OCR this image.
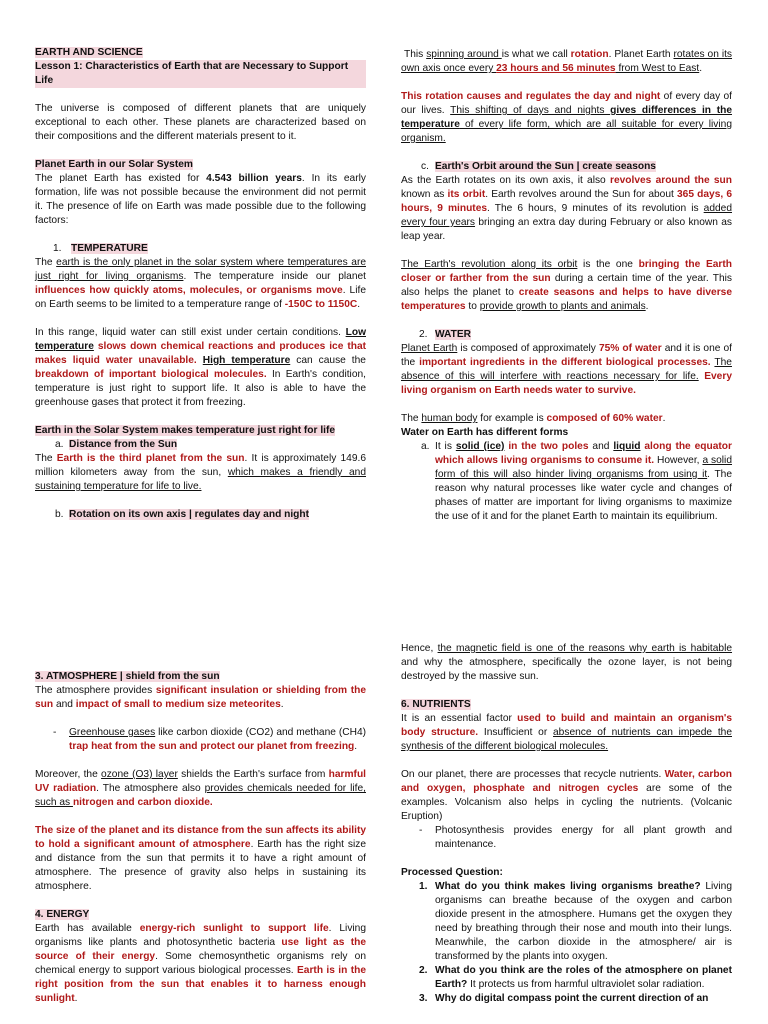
EARTH AND SCIENCE

Lesson 1: Characteristics of Earth that are Necessary to Support Life

The universe is composed of different planets that are uniquely exceptional to each other. These planets are characterized based on their compositions and the different materials present to it.

Planet Earth in our Solar System

The planet Earth has existed for 4.543 billion years. In its early formation, life was not possible because the environment did not permit it. The presence of life on Earth was made possible due to the following factors:

1. TEMPERATURE

The earth is the only planet in the solar system where temperatures are just right for living organisms. The temperature inside our planet influences how quickly atoms, molecules, or organisms move. Life on Earth seems to be limited to a temperature range of -150C to 1150C.

In this range, liquid water can still exist under certain conditions. Low temperature slows down chemical reactions and produces ice that makes liquid water unavailable. High temperature can cause the breakdown of important biological molecules. In Earth's condition, temperature is just right to support life. It also is able to have the greenhouse gases that protect it from freezing.

Earth in the Solar System makes temperature just right for life

a. Distance from the Sun

The Earth is the third planet from the sun. It is approximately 149.6 million kilometers away from the sun, which makes a friendly and sustaining temperature for life to live.

b. Rotation on its own axis | regulates day and night

This spinning around is what we call rotation. Planet Earth rotates on its own axis once every 23 hours and 56 minutes from West to East.

This rotation causes and regulates the day and night of every day of our lives. This shifting of days and nights gives differences in the temperature of every life form, which are all suitable for every living organism.

c. Earth's Orbit around the Sun | create seasons

As the Earth rotates on its own axis, it also revolves around the sun known as its orbit. Earth revolves around the Sun for about 365 days, 6 hours, 9 minutes. The 6 hours, 9 minutes of its revolution is added every four years bringing an extra day during February or also known as leap year.

The Earth's revolution along its orbit is the one bringing the Earth closer or farther from the sun during a certain time of the year. This also helps the planet to create seasons and helps to have diverse temperatures to provide growth to plants and animals.

2. WATER

Planet Earth is composed of approximately 75% of water and it is one of the important ingredients in the different biological processes. The absence of this will interfere with reactions necessary for life. Every living organism on Earth needs water to survive.

The human body for example is composed of 60% water.

Water on Earth has different forms

a. It is solid (ice) in the two poles and liquid along the equator which allows living organisms to consume it. However, a solid form of this will also hinder living organisms from using it. The reason why natural processes like water cycle and changes of phases of matter are important for living organisms to maximize the use of it and for the planet Earth to maintain its equilibrium.

3. ATMOSPHERE | shield from the sun

The atmosphere provides significant insulation or shielding from the sun and impact of small to medium size meteorites.

- Greenhouse gases like carbon dioxide (CO2) and methane (CH4) trap heat from the sun and protect our planet from freezing.

Moreover, the ozone (O3) layer shields the Earth's surface from harmful UV radiation. The atmosphere also provides chemicals needed for life, such as nitrogen and carbon dioxide.

The size of the planet and its distance from the sun affects its ability to hold a significant amount of atmosphere. Earth has the right size and distance from the sun that permits it to have a right amount of atmosphere. The presence of gravity also helps in sustaining its atmosphere.

4. ENERGY

Earth has available energy-rich sunlight to support life. Living organisms like plants and photosynthetic bacteria use light as the source of their energy. Some chemosynthetic organisms rely on chemical energy to support various biological processes. Earth is in the right position from the sun that enables it to harness enough sunlight.

Hence, the magnetic field is one of the reasons why earth is habitable and why the atmosphere, specifically the ozone layer, is not being destroyed by the massive sun.

6. NUTRIENTS

It is an essential factor used to build and maintain an organism's body structure. Insufficient or absence of nutrients can impede the synthesis of the different biological molecules.

On our planet, there are processes that recycle nutrients. Water, carbon and oxygen, phosphate and nitrogen cycles are some of the examples. Volcanism also helps in cycling the nutrients. (Volcanic Eruption)

- Photosynthesis provides energy for all plant growth and maintenance.

Processed Question:

1. What do you think makes living organisms breathe? Living organisms can breathe because of the oxygen and carbon dioxide present in the atmosphere. Humans get the oxygen they need by breathing through their nose and mouth into their lungs. Meanwhile, the carbon dioxide in the atmosphere/ air is transformed by the plants into oxygen.

2. What do you think are the roles of the atmosphere on planet Earth? It protects us from harmful ultraviolet solar radiation.

3. Why do digital compass point the current direction of an
